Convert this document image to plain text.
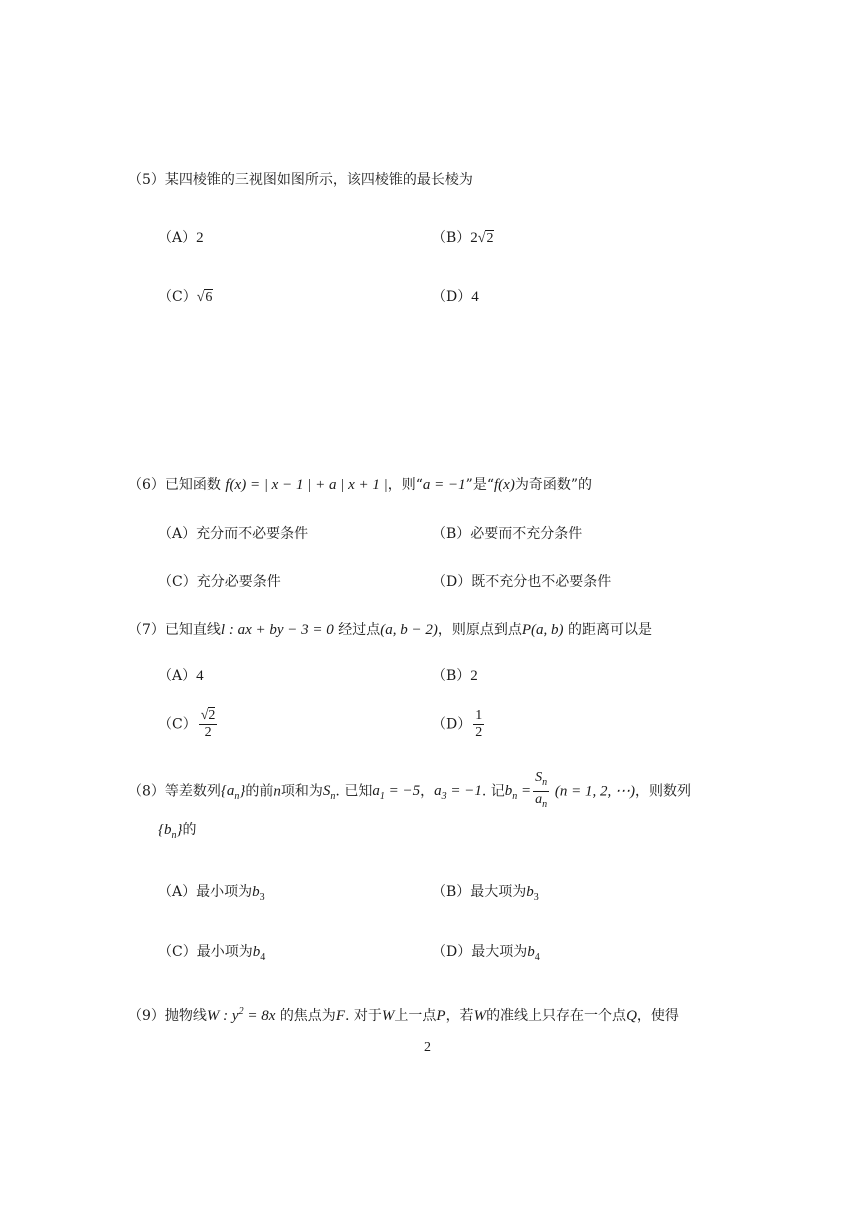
（5）某四棱锥的三视图如图所示，该四棱锥的最长棱为
（A）2	（B）2√2
（C）√6	（D）4
（6）已知函数 f(x) = | x − 1 | + a | x + 1 |，则“a = −1”是“f(x)为奇函数”的
（A）充分而不必要条件	（B）必要而不充分条件
（C）充分必要条件	（D）既不充分也不必要条件
（7）已知直线l : ax + by − 3 = 0 经过点(a, b − 2)，则原点到点P(a, b) 的距离可以是
（A）4	（B）2
$(C) \frac{√2}{2}$	$(D) \frac{1}{2}$
（8）等差数列$\{a_n\}$的前n项和为$S_n$. 已知$a_1 = -5$，$a_3 = -1$. 记$b_n = \frac{S_n}{a_n} (n = 1$, 2, ⋯)，则数列
$\{b_n\}$的
（A）最小项为$b_3$	（B）最大项为$b_3$
（C）最小项为$b_4$	（D）最大项为$b_4$
（9）抛物线W : $y^2 = 8x$ 的焦点为F. 对于W上一点P，若W的准线上只存在一个点Q，使得
2
